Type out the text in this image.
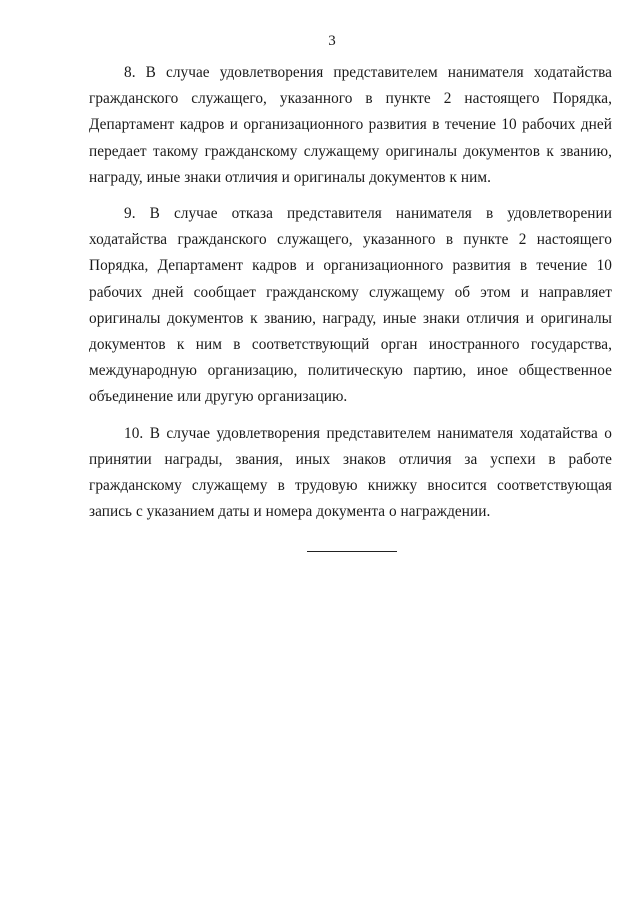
3

8. В случае удовлетворения представителем нанимателя ходатайства гражданского служащего, указанного в пункте 2 настоящего Порядка, Департамент кадров и организационного развития в течение 10 рабочих дней передает такому гражданскому служащему оригиналы документов к званию, награду, иные знаки отличия и оригиналы документов к ним.

9. В случае отказа представителя нанимателя в удовлетворении ходатайства гражданского служащего, указанного в пункте 2 настоящего Порядка, Департамент кадров и организационного развития в течение 10 рабочих дней сообщает гражданскому служащему об этом и направляет оригиналы документов к званию, награду, иные знаки отличия и оригиналы документов к ним в соответствующий орган иностранного государства, международную организацию, политическую партию, иное общественное объединение или другую организацию.

10. В случае удовлетворения представителем нанимателя ходатайства о принятии награды, звания, иных знаков отличия за успехи в работе гражданскому служащему в трудовую книжку вносится соответствующая запись с указанием даты и номера документа о награждении.
